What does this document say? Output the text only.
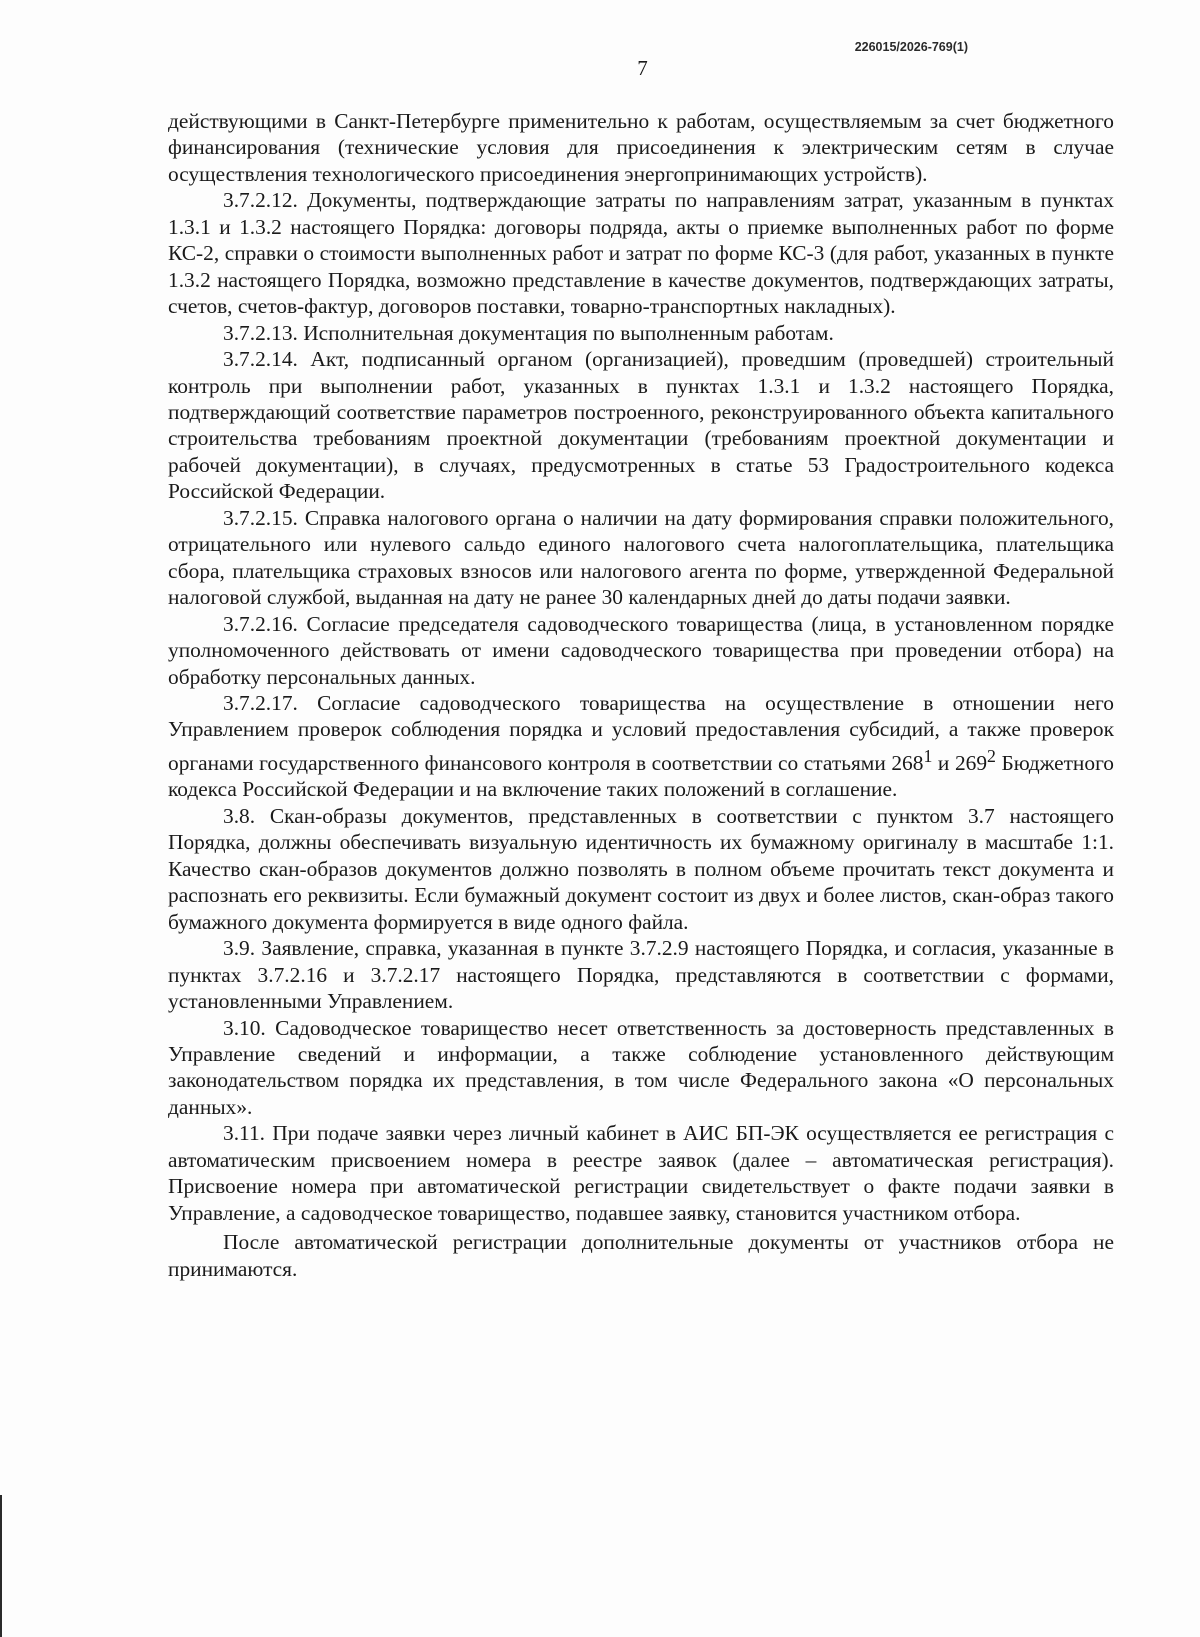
226015/2026-769(1)
7

действующими в Санкт-Петербурге применительно к работам, осуществляемым за счет бюджетного финансирования (технические условия для присоединения к электрическим сетям в случае осуществления технологического присоединения энергопринимающих устройств).

3.7.2.12. Документы, подтверждающие затраты по направлениям затрат, указанным в пунктах 1.3.1 и 1.3.2 настоящего Порядка: договоры подряда, акты о приемке выполненных работ по форме КС-2, справки о стоимости выполненных работ и затрат по форме КС-3 (для работ, указанных в пункте 1.3.2 настоящего Порядка, возможно представление в качестве документов, подтверждающих затраты, счетов, счетов-фактур, договоров поставки, товарно-транспортных накладных).

3.7.2.13. Исполнительная документация по выполненным работам.

3.7.2.14. Акт, подписанный органом (организацией), проведшим (проведшей) строительный контроль при выполнении работ, указанных в пунктах 1.3.1 и 1.3.2 настоящего Порядка, подтверждающий соответствие параметров построенного, реконструированного объекта капитального строительства требованиям проектной документации (требованиям проектной документации и рабочей документации), в случаях, предусмотренных в статье 53 Градостроительного кодекса Российской Федерации.

3.7.2.15. Справка налогового органа о наличии на дату формирования справки положительного, отрицательного или нулевого сальдо единого налогового счета налогоплательщика, плательщика сбора, плательщика страховых взносов или налогового агента по форме, утвержденной Федеральной налоговой службой, выданная на дату не ранее 30 календарных дней до даты подачи заявки.

3.7.2.16. Согласие председателя садоводческого товарищества (лица, в установленном порядке уполномоченного действовать от имени садоводческого товарищества при проведении отбора) на обработку персональных данных.

3.7.2.17. Согласие садоводческого товарищества на осуществление в отношении него Управлением проверок соблюдения порядка и условий предоставления субсидий, а также проверок органами государственного финансового контроля в соответствии со статьями $268^1$ и $269^2$ Бюджетного кодекса Российской Федерации и на включение таких положений в соглашение.

3.8. Скан-образы документов, представленных в соответствии с пунктом 3.7 настоящего Порядка, должны обеспечивать визуальную идентичность их бумажному оригиналу в масштабе 1:1. Качество скан-образов документов должно позволять в полном объеме прочитать текст документа и распознать его реквизиты. Если бумажный документ состоит из двух и более листов, скан-образ такого бумажного документа формируется в виде одного файла.

3.9. Заявление, справка, указанная в пункте 3.7.2.9 настоящего Порядка, и согласия, указанные в пунктах 3.7.2.16 и 3.7.2.17 настоящего Порядка, представляются в соответствии с формами, установленными Управлением.

3.10. Садоводческое товарищество несет ответственность за достоверность представленных в Управление сведений и информации, а также соблюдение установленного действующим законодательством порядка их представления, в том числе Федерального закона «О персональных данных».

3.11. При подаче заявки через личный кабинет в АИС БП-ЭК осуществляется ее регистрация с автоматическим присвоением номера в реестре заявок (далее – автоматическая регистрация). Присвоение номера при автоматической регистрации свидетельствует о факте подачи заявки в Управление, а садоводческое товарищество, подавшее заявку, становится участником отбора.

После автоматической регистрации дополнительные документы от участников отбора не принимаются.
